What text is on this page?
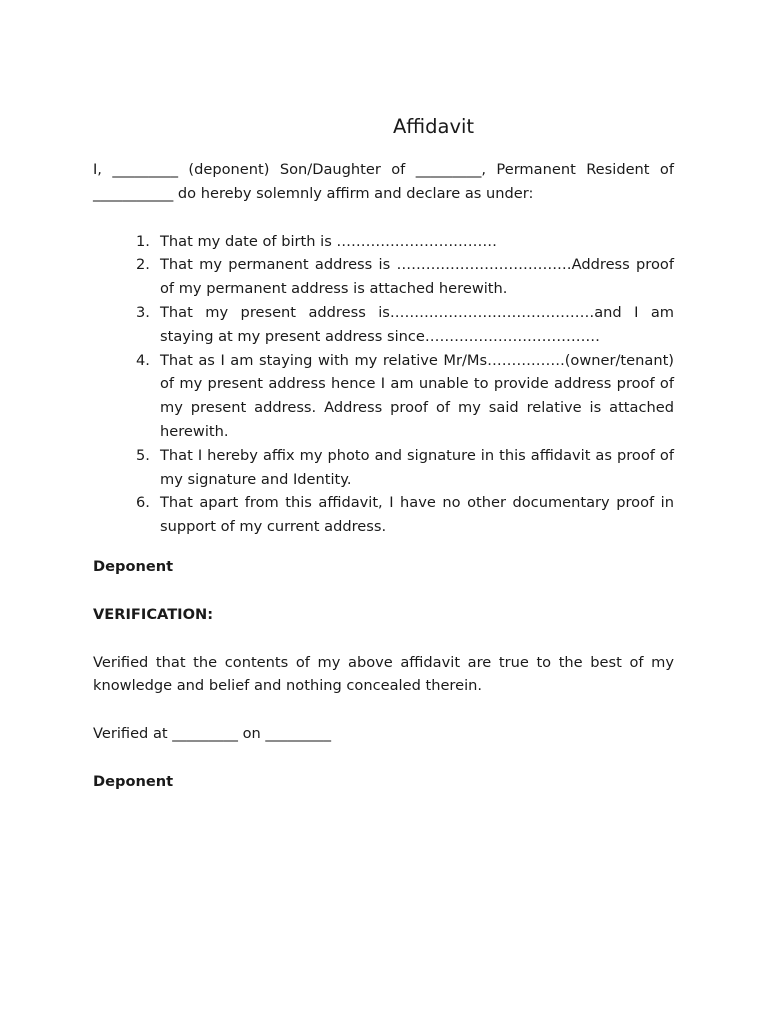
Affidavit

I, _________ (deponent) Son/Daughter of _________, Permanent Resident of ___________ do hereby solemnly affirm and declare as under:

1. That my date of birth is ……………………………
2. That my permanent address is ………………………………Address proof of my permanent address is attached herewith.
3. That my present address is……………………………………and I am staying at my present address since………………………………
4. That as I am staying with my relative Mr/Ms…………….(owner/tenant) of my present address hence I am unable to provide address proof of my present address. Address proof of my said relative is attached herewith.
5. That I hereby affix my photo and signature in this affidavit as proof of my signature and Identity.
6. That apart from this affidavit, I have no other documentary proof in support of my current address.

Deponent

VERIFICATION:

Verified that the contents of my above affidavit are true to the best of my knowledge and belief and nothing concealed therein.

Verified at _________ on _________

Deponent
